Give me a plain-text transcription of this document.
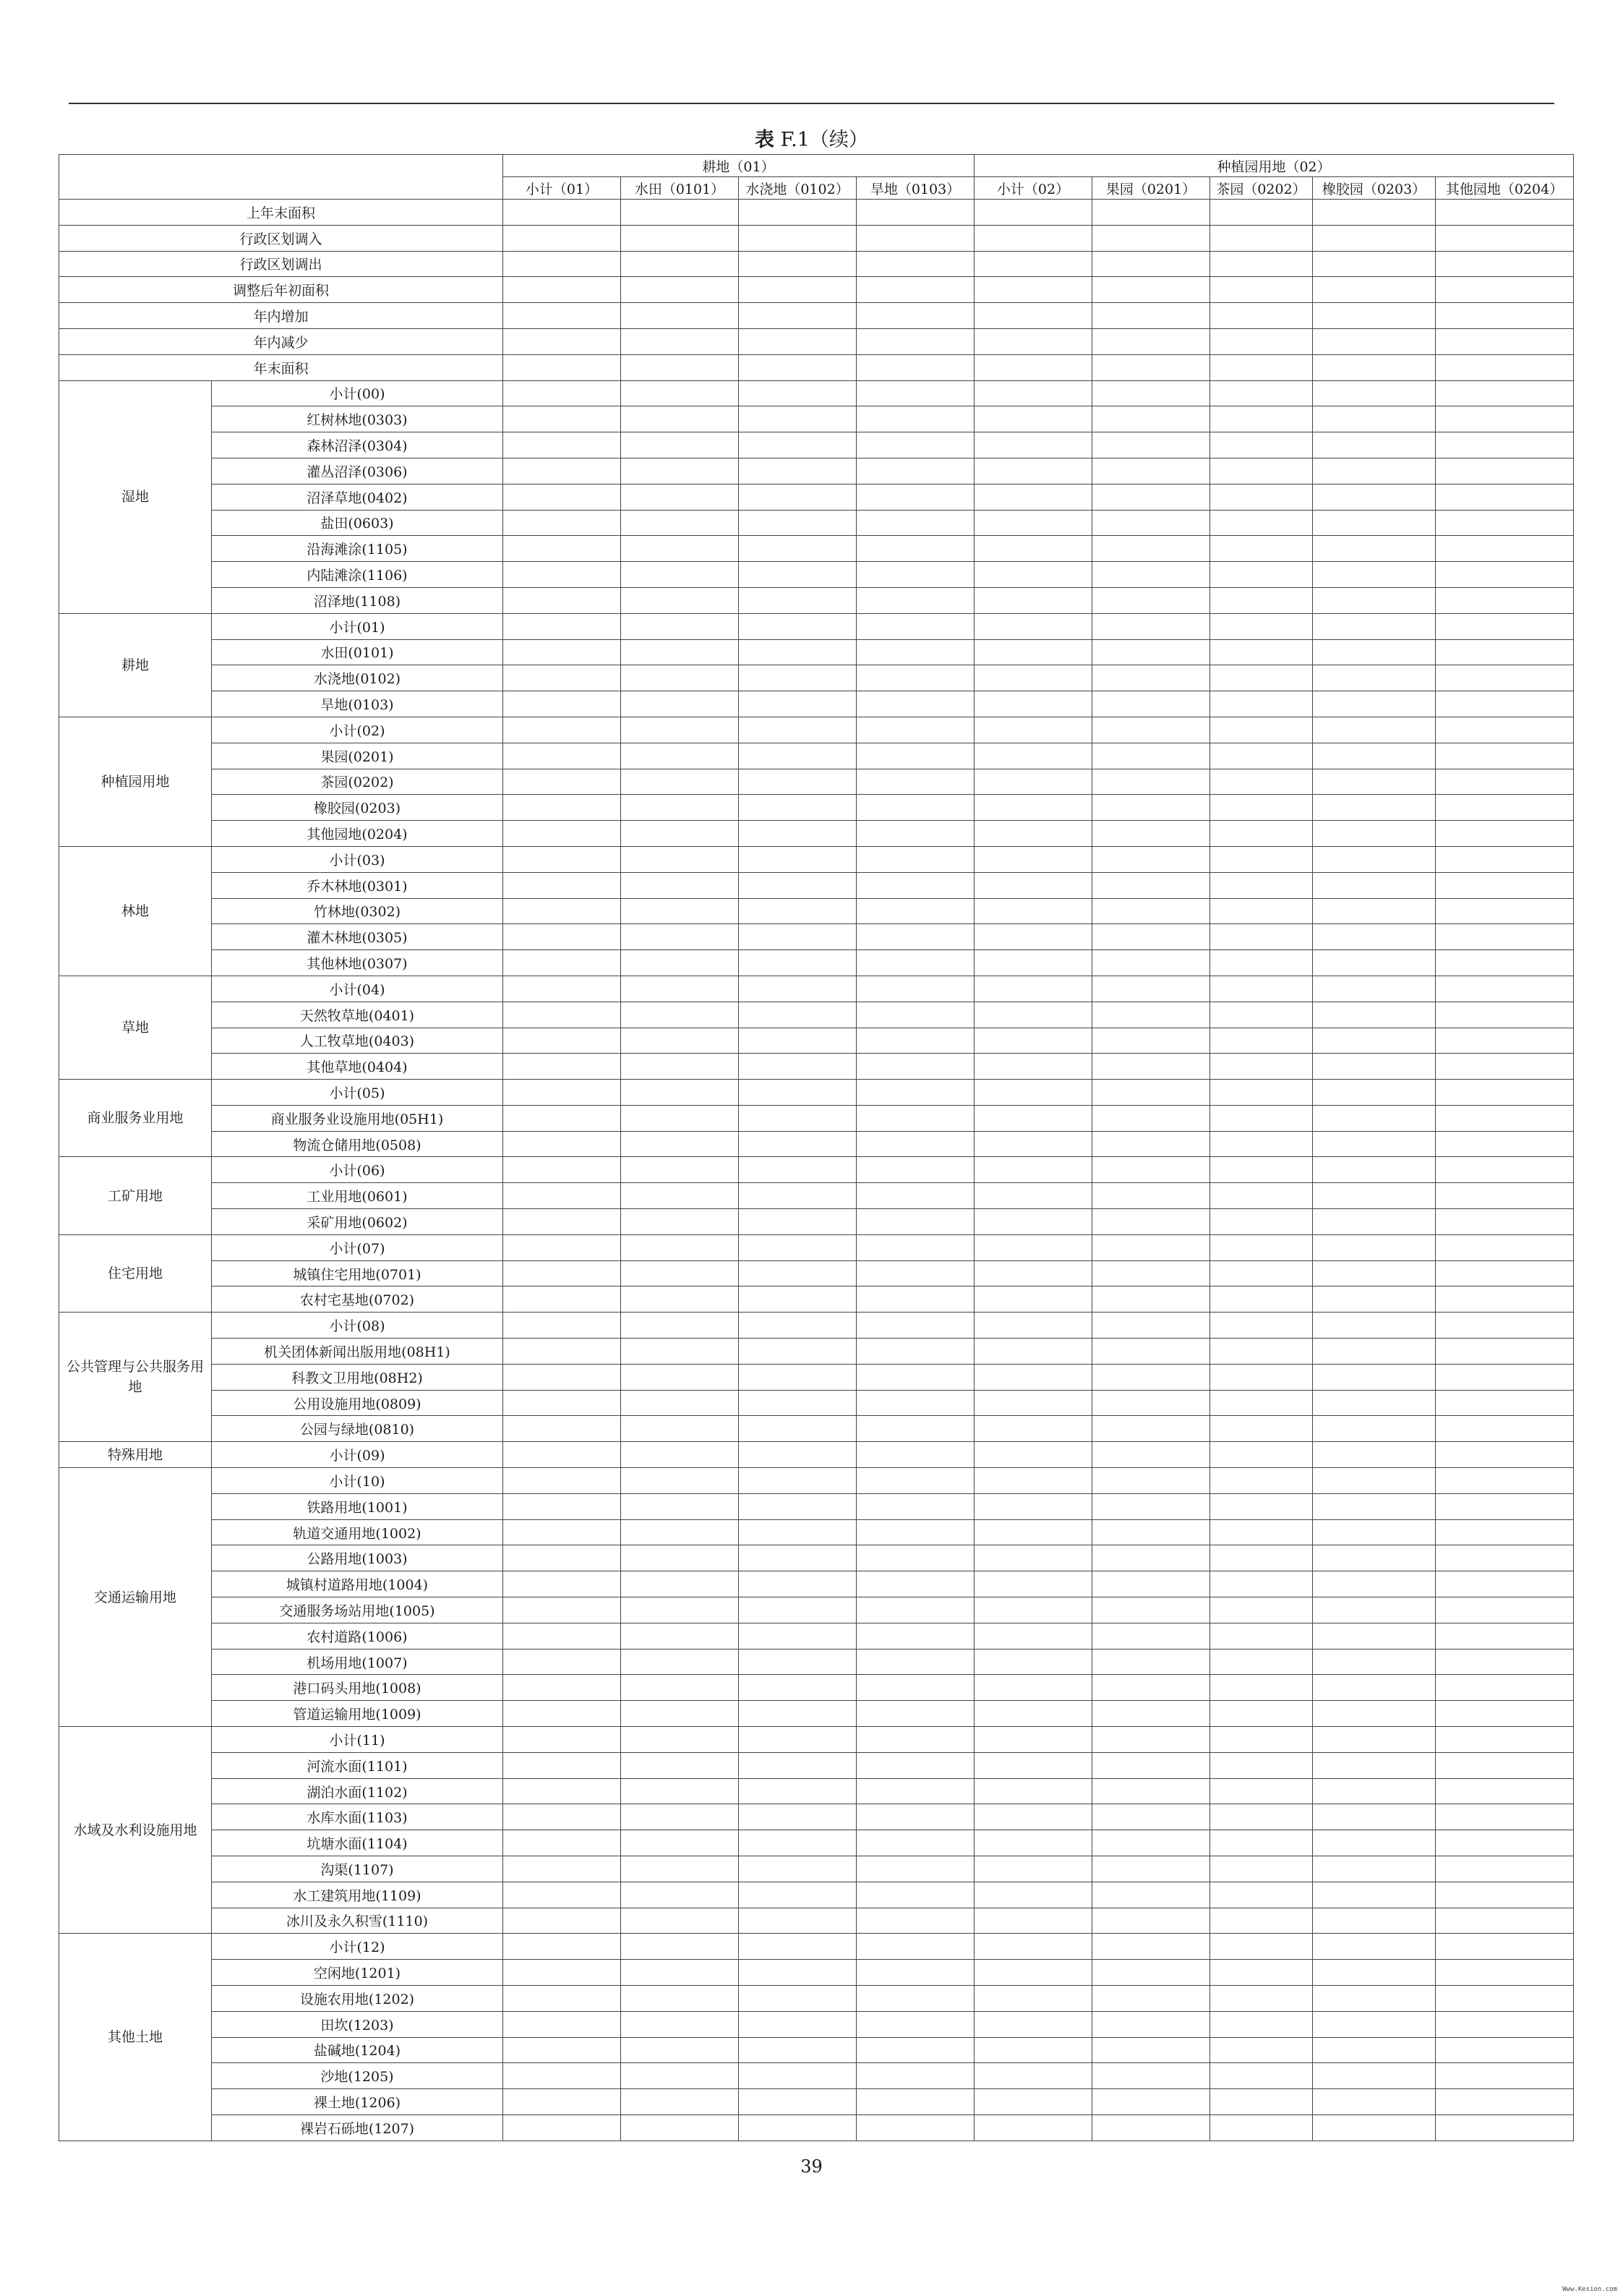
表 F.1（续）
		耕地（01）				种植园用地（02）				
		小计（01）	水田（0101）	水浇地（0102）	旱地（0103）	小计（02）	果园（0201）	茶园（0202）	橡胶园（0203）	其他园地（0204）
上年末面积										
行政区划调入										
行政区划调出										
调整后年初面积										
年内增加										
年内减少										
年末面积										
湿地	小计(00)									
	红树林地(0303)									
	森林沼泽(0304)									
	灌丛沼泽(0306)									
	沼泽草地(0402)									
	盐田(0603)									
	沿海滩涂(1105)									
	内陆滩涂(1106)									
	沼泽地(1108)									
耕地	小计(01)									
	水田(0101)									
	水浇地(0102)									
	旱地(0103)									
种植园用地	小计(02)									
	果园(0201)									
	茶园(0202)									
	橡胶园(0203)									
	其他园地(0204)									
林地	小计(03)									
	乔木林地(0301)									
	竹林地(0302)									
	灌木林地(0305)									
	其他林地(0307)									
草地	小计(04)									
	天然牧草地(0401)									
	人工牧草地(0403)									
	其他草地(0404)									
商业服务业用地	小计(05)									
	商业服务业设施用地(05H1)									
	物流仓储用地(0508)									
工矿用地	小计(06)									
	工业用地(0601)									
	采矿用地(0602)									
住宅用地	小计(07)									
	城镇住宅用地(0701)									
	农村宅基地(0702)									
公共管理与公共服务用地	小计(08)									
	机关团体新闻出版用地(08H1)									
	科教文卫用地(08H2)									
	公用设施用地(0809)									
	公园与绿地(0810)									
特殊用地	小计(09)									
交通运输用地	小计(10)									
	铁路用地(1001)									
	轨道交通用地(1002)									
	公路用地(1003)									
	城镇村道路用地(1004)									
	交通服务场站用地(1005)									
	农村道路(1006)									
	机场用地(1007)									
	港口码头用地(1008)									
	管道运输用地(1009)									
水域及水利设施用地	小计(11)									
	河流水面(1101)									
	湖泊水面(1102)									
	水库水面(1103)									
	坑塘水面(1104)									
	沟渠(1107)									
	水工建筑用地(1109)									
	冰川及永久积雪(1110)									
其他土地	小计(12)									
	空闲地(1201)									
	设施农用地(1202)									
	田坎(1203)									
	盐碱地(1204)									
	沙地(1205)									
	裸土地(1206)									
	裸岩石砾地(1207)									
39
Www.Kesion.com
